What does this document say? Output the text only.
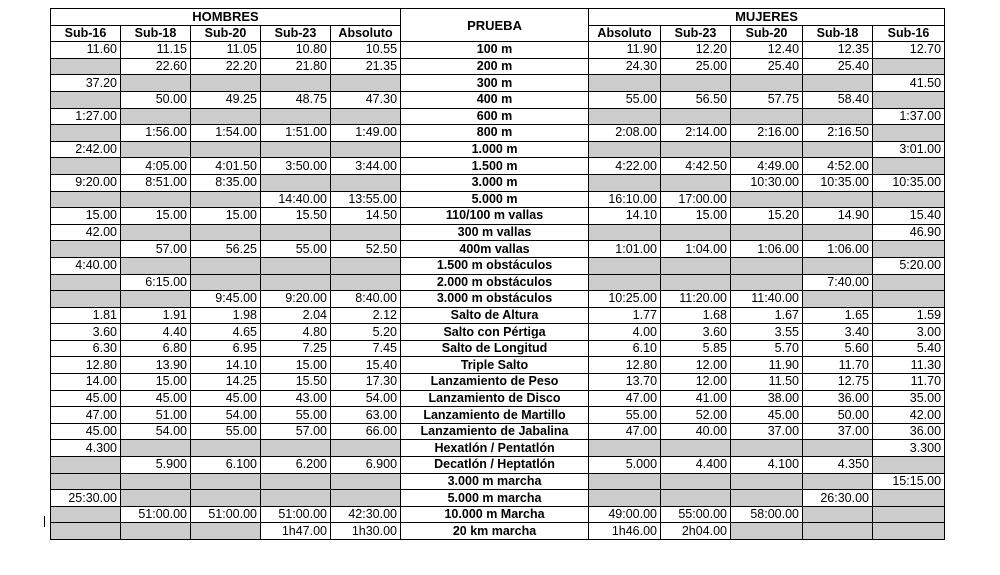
HOMBRES					PRUEBA	MUJERES				
Sub-16	Sub-18	Sub-20	Sub-23	Absoluto		Absoluto	Sub-23	Sub-20	Sub-18	Sub-16
11.60	11.15	11.05	10.80	10.55	100 m	11.90	12.20	12.40	12.35	12.70
	22.60	22.20	21.80	21.35	200 m	24.30	25.00	25.40	25.40	
37.20					300 m					41.50
	50.00	49.25	48.75	47.30	400 m	55.00	56.50	57.75	58.40	
1:27.00					600 m					1:37.00
	1:56.00	1:54.00	1:51.00	1:49.00	800 m	2:08.00	2:14.00	2:16.00	2:16.50	
2:42.00					1.000 m					3:01.00
	4:05.00	4:01.50	3:50.00	3:44.00	1.500 m	4:22.00	4:42.50	4:49.00	4:52.00	
9:20.00	8:51.00	8:35.00			3.000 m			10:30.00	10:35.00	10:35.00
			14:40.00	13:55.00	5.000 m	16:10.00	17:00.00			
15.00	15.00	15.00	15.50	14.50	110/100 m vallas	14.10	15.00	15.20	14.90	15.40
42.00					300 m vallas					46.90
	57.00	56.25	55.00	52.50	400m vallas	1:01.00	1:04.00	1:06.00	1:06.00	
4:40.00					1.500 m obstáculos					5:20.00
	6:15.00				2.000 m obstáculos				7:40.00	
		9:45.00	9:20.00	8:40.00	3.000 m obstáculos	10:25.00	11:20.00	11:40.00		
1.81	1.91	1.98	2.04	2.12	Salto de Altura	1.77	1.68	1.67	1.65	1.59
3.60	4.40	4.65	4.80	5.20	Salto con Pértiga	4.00	3.60	3.55	3.40	3.00
6.30	6.80	6.95	7.25	7.45	Salto de Longitud	6.10	5.85	5.70	5.60	5.40
12.80	13.90	14.10	15.00	15.40	Triple Salto	12.80	12.00	11.90	11.70	11.30
14.00	15.00	14.25	15.50	17.30	Lanzamiento de Peso	13.70	12.00	11.50	12.75	11.70
45.00	45.00	45.00	43.00	54.00	Lanzamiento de Disco	47.00	41.00	38.00	36.00	35.00
47.00	51.00	54.00	55.00	63.00	Lanzamiento de Martillo	55.00	52.00	45.00	50.00	42.00
45.00	54.00	55.00	57.00	66.00	Lanzamiento de Jabalina	47.00	40.00	37.00	37.00	36.00
4.300					Hexatlón / Pentatlón					3.300
	5.900	6.100	6.200	6.900	Decatlón / Heptatlón	5.000	4.400	4.100	4.350	
					3.000 m marcha					15:15.00
25:30.00					5.000 m marcha				26:30.00	
	51:00.00	51:00.00	51:00.00	42:30.00	10.000 m Marcha	49:00.00	55:00.00	58:00.00		
			1h47.00	1h30.00	20 km marcha	1h46.00	2h04.00			
